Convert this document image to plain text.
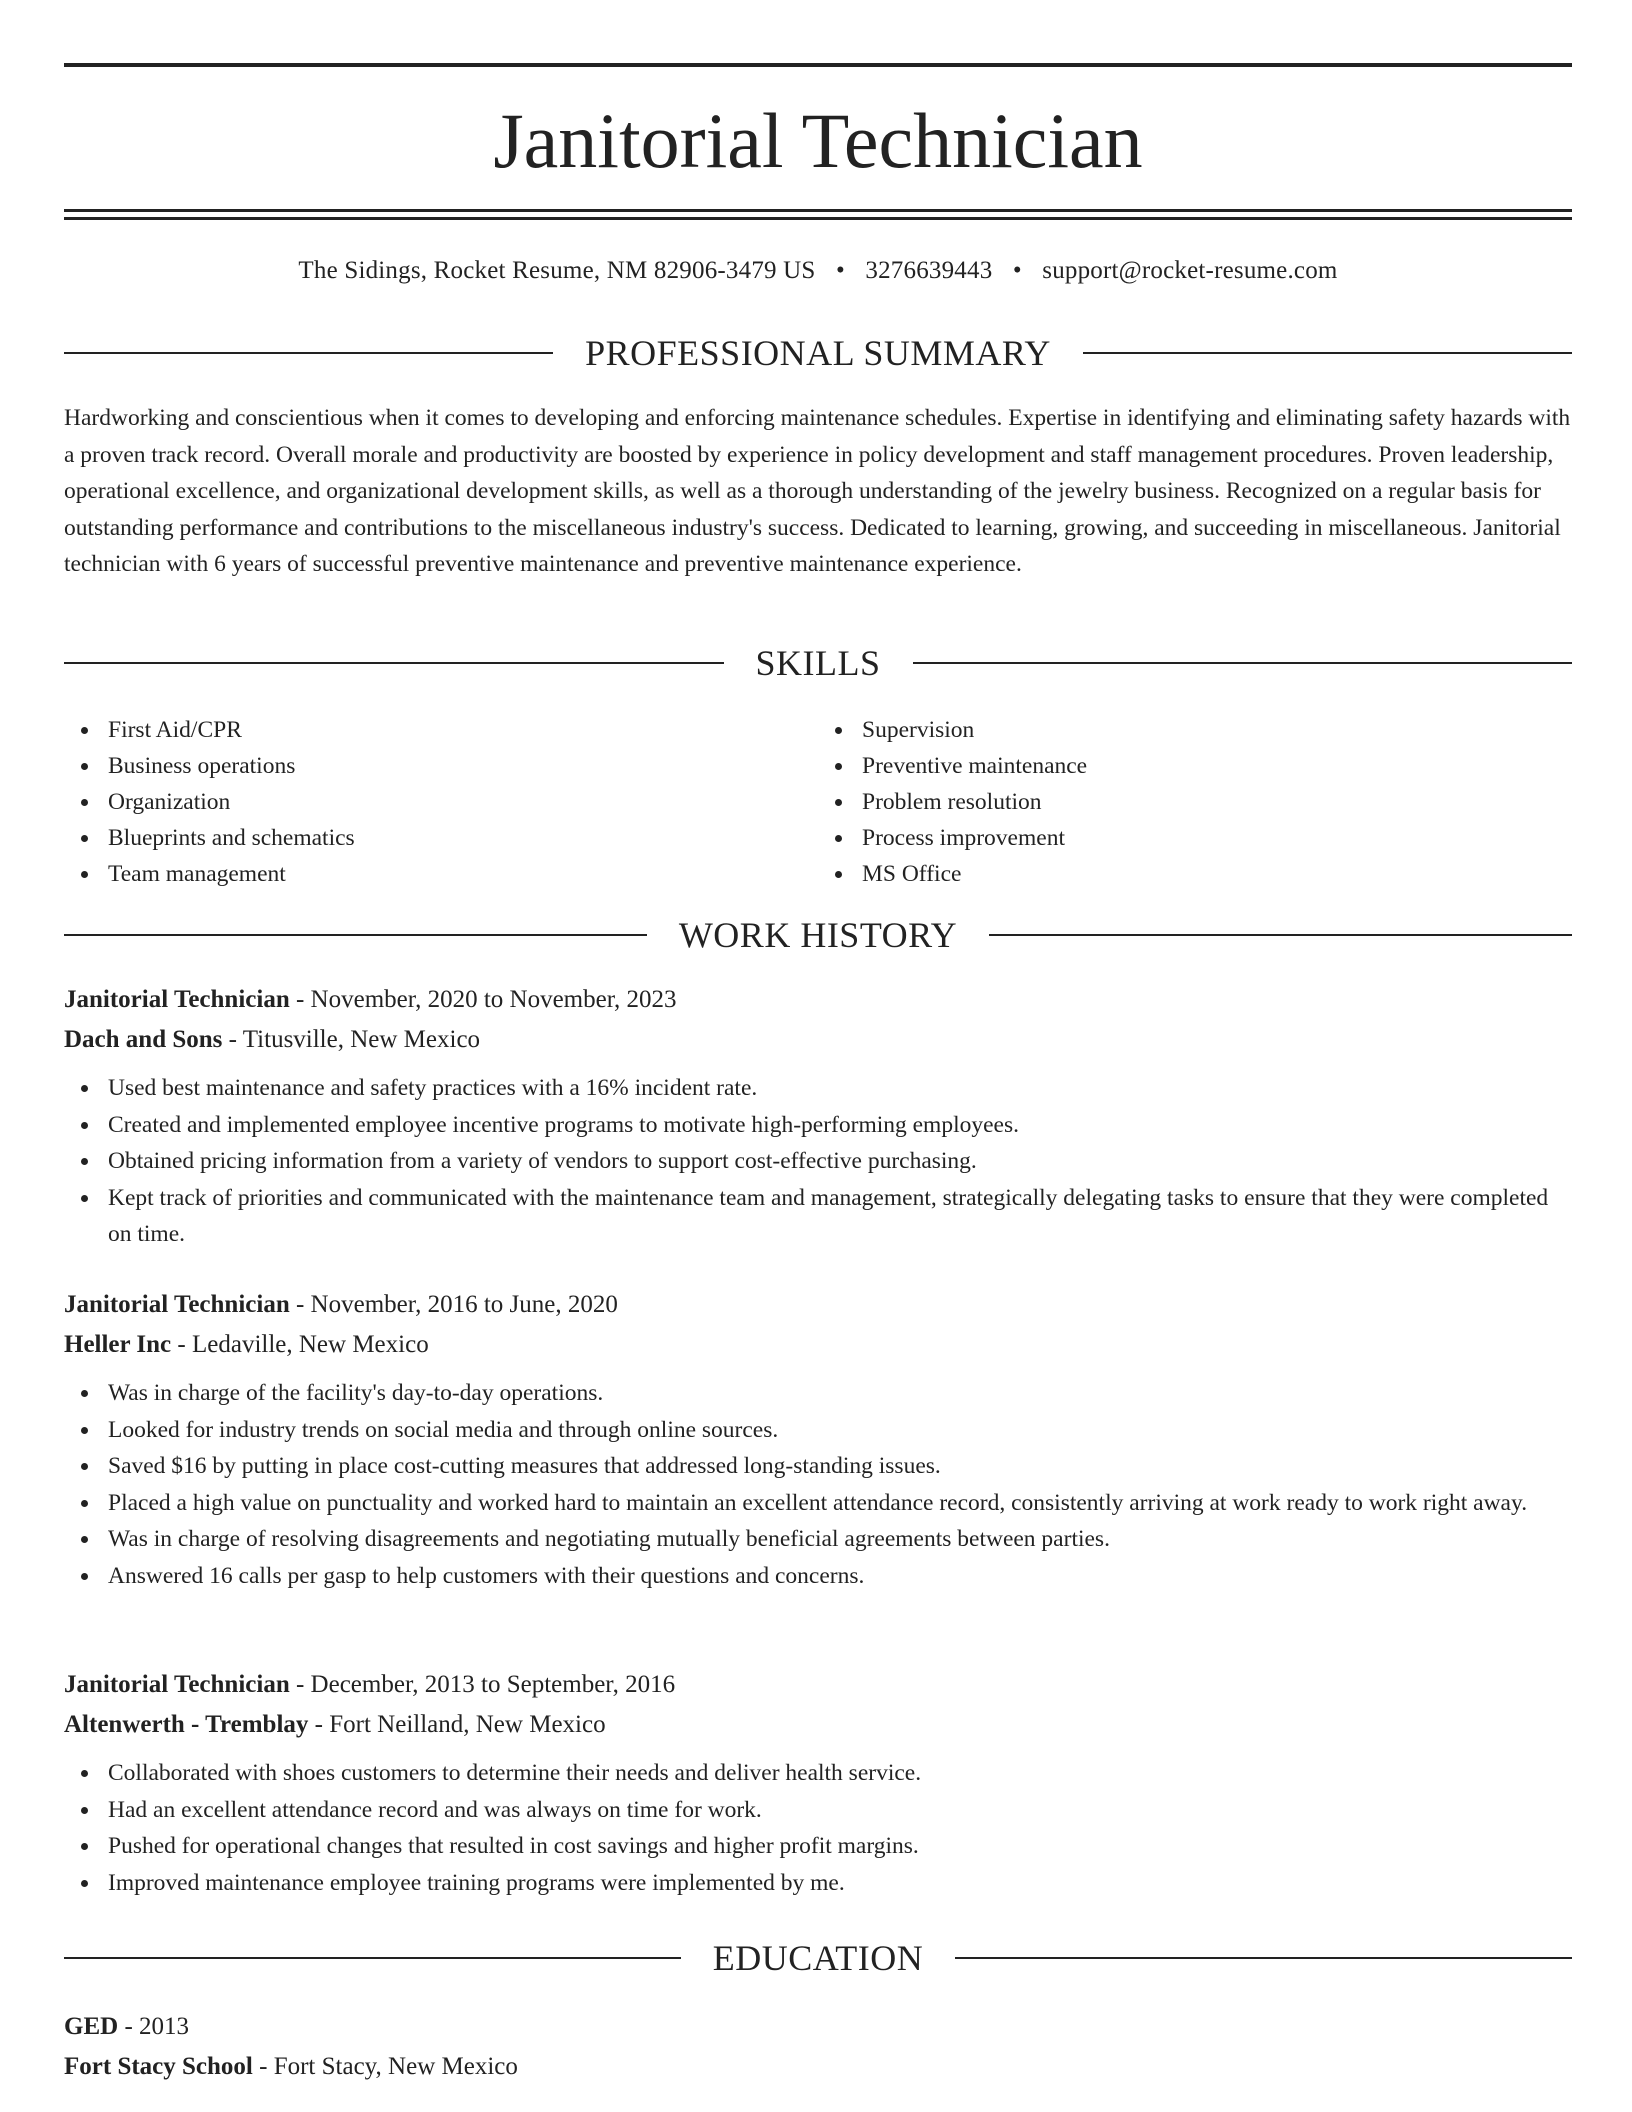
Janitorial Technician
The Sidings, Rocket Resume, NM 82906-3479 US • 3276639443 • support@rocket-resume.com
PROFESSIONAL SUMMARY
Hardworking and conscientious when it comes to developing and enforcing maintenance schedules. Expertise in identifying and eliminating safety hazards with a proven track record. Overall morale and productivity are boosted by experience in policy development and staff management procedures. Proven leadership, operational excellence, and organizational development skills, as well as a thorough understanding of the jewelry business. Recognized on a regular basis for outstanding performance and contributions to the miscellaneous industry's success. Dedicated to learning, growing, and succeeding in miscellaneous. Janitorial technician with 6 years of successful preventive maintenance and preventive maintenance experience.
SKILLS
First Aid/CPR
Business operations
Organization
Blueprints and schematics
Team management
Supervision
Preventive maintenance
Problem resolution
Process improvement
MS Office
WORK HISTORY
Janitorial Technician - November, 2020 to November, 2023
Dach and Sons - Titusville, New Mexico
Used best maintenance and safety practices with a 16% incident rate.
Created and implemented employee incentive programs to motivate high-performing employees.
Obtained pricing information from a variety of vendors to support cost-effective purchasing.
Kept track of priorities and communicated with the maintenance team and management, strategically delegating tasks to ensure that they were completed on time.
Janitorial Technician - November, 2016 to June, 2020
Heller Inc - Ledaville, New Mexico
Was in charge of the facility's day-to-day operations.
Looked for industry trends on social media and through online sources.
Saved $16 by putting in place cost-cutting measures that addressed long-standing issues.
Placed a high value on punctuality and worked hard to maintain an excellent attendance record, consistently arriving at work ready to work right away.
Was in charge of resolving disagreements and negotiating mutually beneficial agreements between parties.
Answered 16 calls per gasp to help customers with their questions and concerns.
Janitorial Technician - December, 2013 to September, 2016
Altenwerth - Tremblay - Fort Neilland, New Mexico
Collaborated with shoes customers to determine their needs and deliver health service.
Had an excellent attendance record and was always on time for work.
Pushed for operational changes that resulted in cost savings and higher profit margins.
Improved maintenance employee training programs were implemented by me.
EDUCATION
GED - 2013
Fort Stacy School - Fort Stacy, New Mexico
